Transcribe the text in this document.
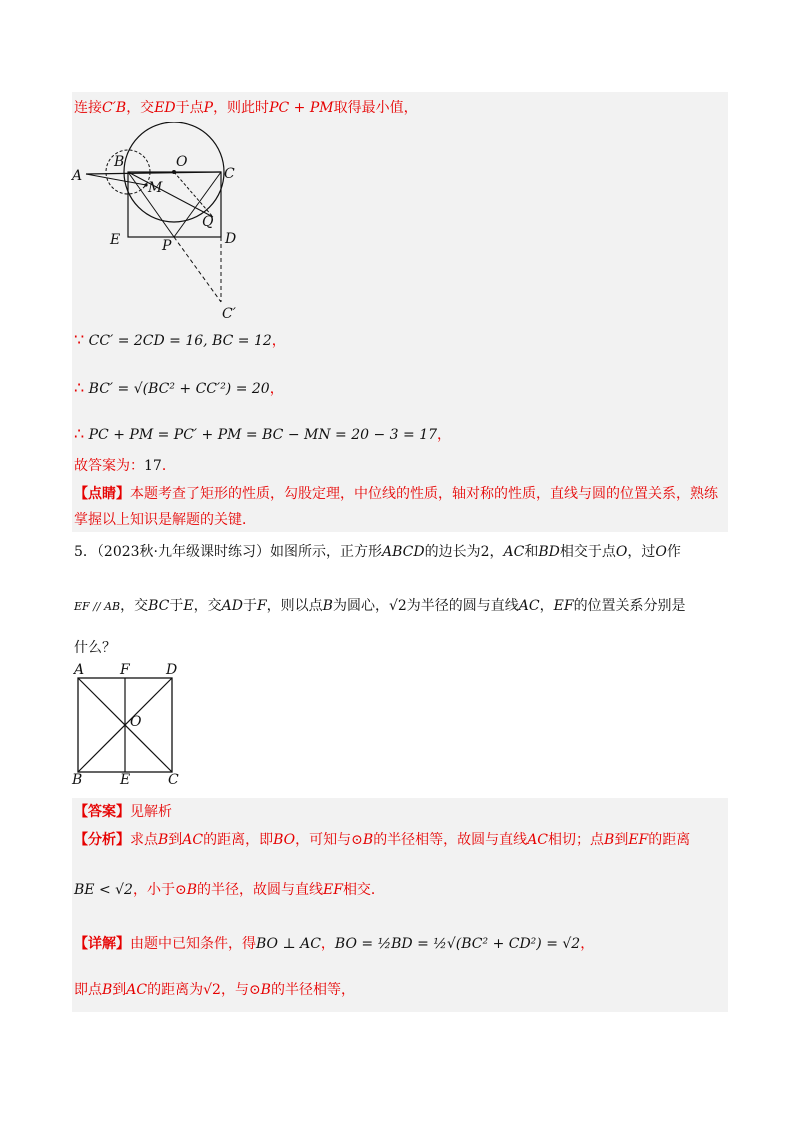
连接C′B，交ED于点P，则此时PC + PM取得最小值，
A
B	O
C
M
Q
E	P	D
C′
∵ CC′ = 2CD = 16, BC = 12，
∴ BC′ = √(BC² + CC′²) = 20，
∴ PC + PM = PC′ + PM = BC − MN = 20 − 3 = 17，
故答案为：17．
【点睛】本题考查了矩形的性质，勾股定理，中位线的性质，轴对称的性质，直线与圆的位置关系，熟练
掌握以上知识是解题的关键．
5．（2023秋·九年级课时练习）如图所示，正方形ABCD的边长为2，AC和BD相交于点O，过O作
EF // AB，交BC于E，交AD于F，则以点B为圆心，√2为半径的圆与直线AC，EF的位置关系分别是
什么？
A	F	D
O
B	E	C
【答案】见解析
【分析】求点B到AC的距离，即BO，可知与⊙B的半径相等，故圆与直线AC相切；点B到EF的距离
BE < √2，小于⊙B的半径，故圆与直线EF相交．
【详解】由题中已知条件，得BO ⊥ AC，BO = ½BD = ½√(BC² + CD²) = √2，
即点B到AC的距离为√2，与⊙B的半径相等，
